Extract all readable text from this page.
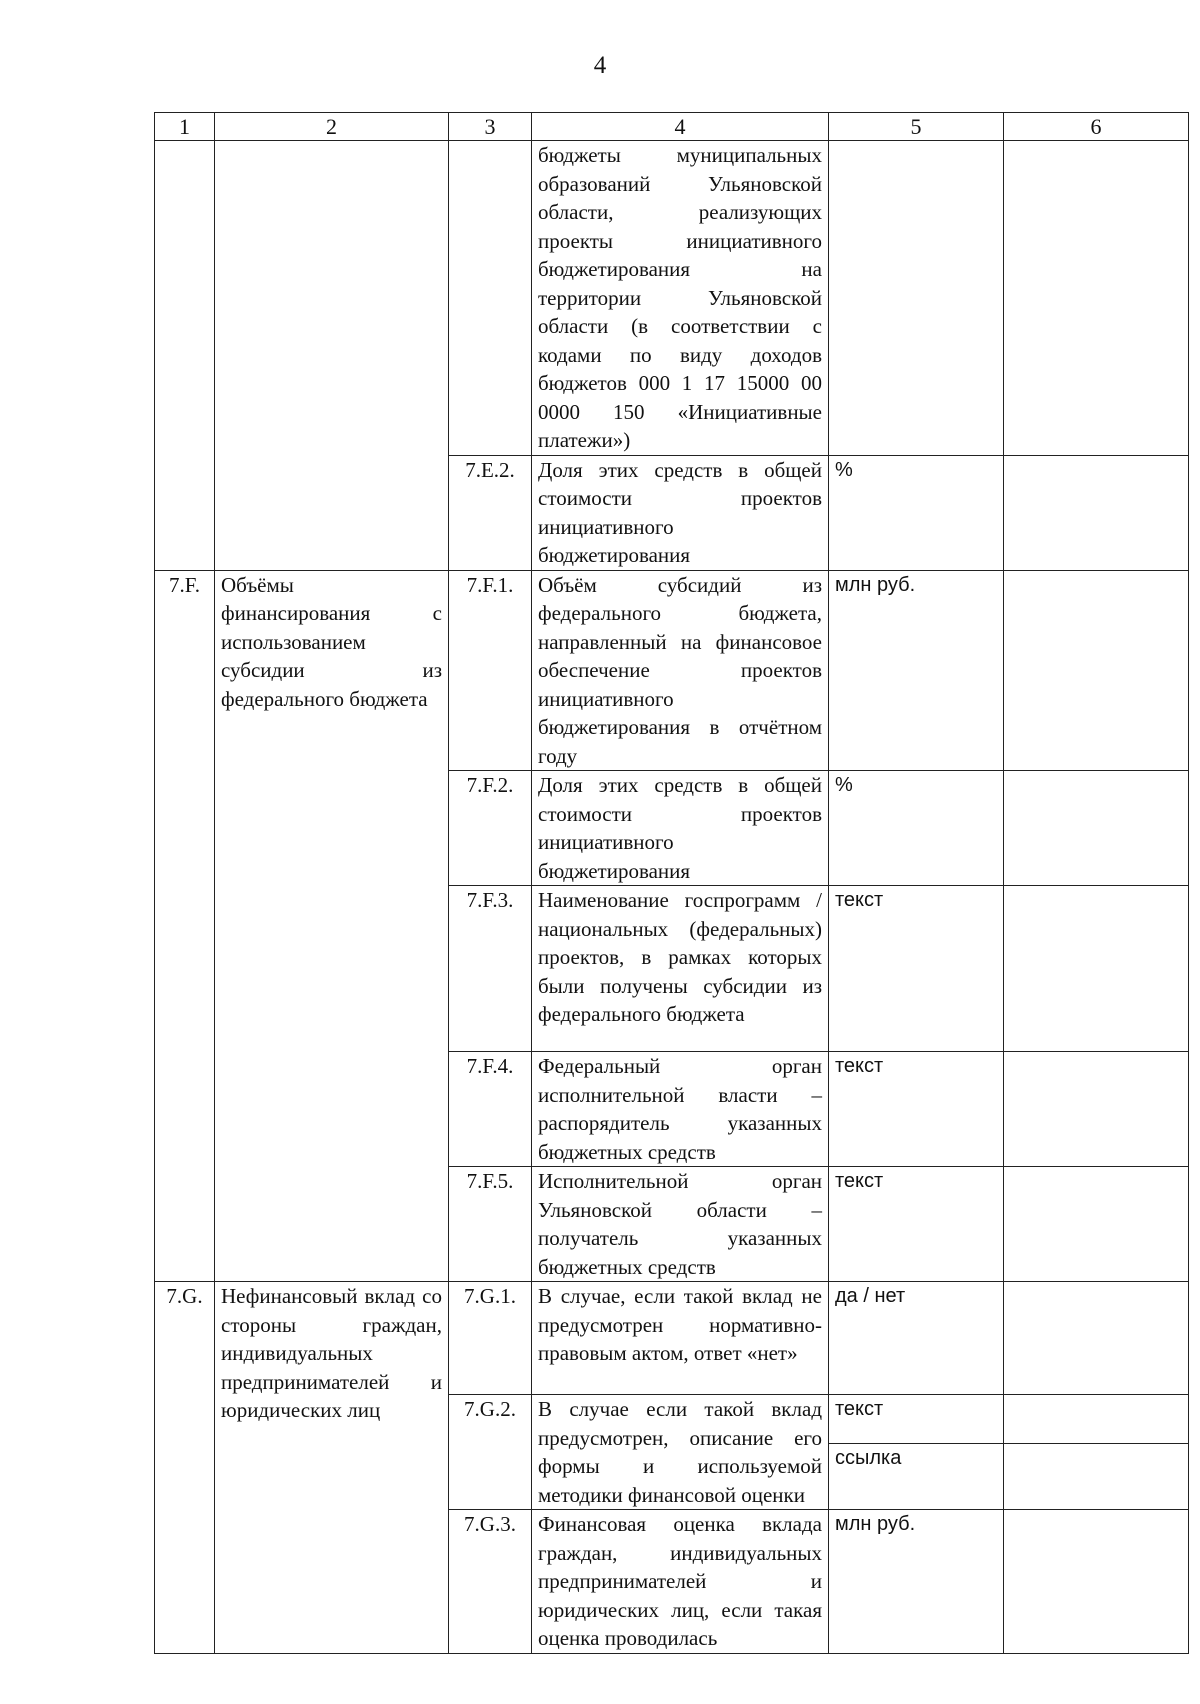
4
1	2	3	4	5	6
			бюджеты муниципальных образований Ульяновской области, реализующих проекты инициативного бюджетирования на территории Ульяновской области (в соответствии с кодами по виду доходов бюджетов 000 1 17 15000 00 0000 150 «Инициативные платежи»)		
		7.E.2.	Доля этих средств в общей стоимости проектов инициативного бюджетирования	%	
7.F.	Объёмы финансирования с использованием субсидии из федерального бюджета	7.F.1.	Объём субсидий из федерального бюджета, направленный на финансовое обеспечение проектов инициативного бюджетирования в отчётном году	млн руб.	
		7.F.2.	Доля этих средств в общей стоимости проектов инициативного бюджетирования	%	
		7.F.3.	Наименование госпрограмм /национальных (федеральных) проектов, в рамках которых были получены субсидии из федерального бюджета	текст	
		7.F.4.	Федеральный орган исполнительной власти – распорядитель указанных бюджетных средств	текст	
		7.F.5.	Исполнительной орган Ульяновской области – получатель указанных бюджетных средств	текст	
7.G.	Нефинансовый вклад со стороны граждан, индивидуальных предпринимателей и юридических лиц	7.G.1.	В случае, если такой вклад не предусмотрен нормативно-правовым актом, ответ «нет»	да / нет	
		7.G.2.	В случае если такой вклад предусмотрен, описание его формы и используемой методики финансовой оценки	текст	
				ссылка	
		7.G.3.	Финансовая оценка вклада граждан, индивидуальных предпринимателей и юридических лиц, если такая оценка проводилась	млн руб.	
